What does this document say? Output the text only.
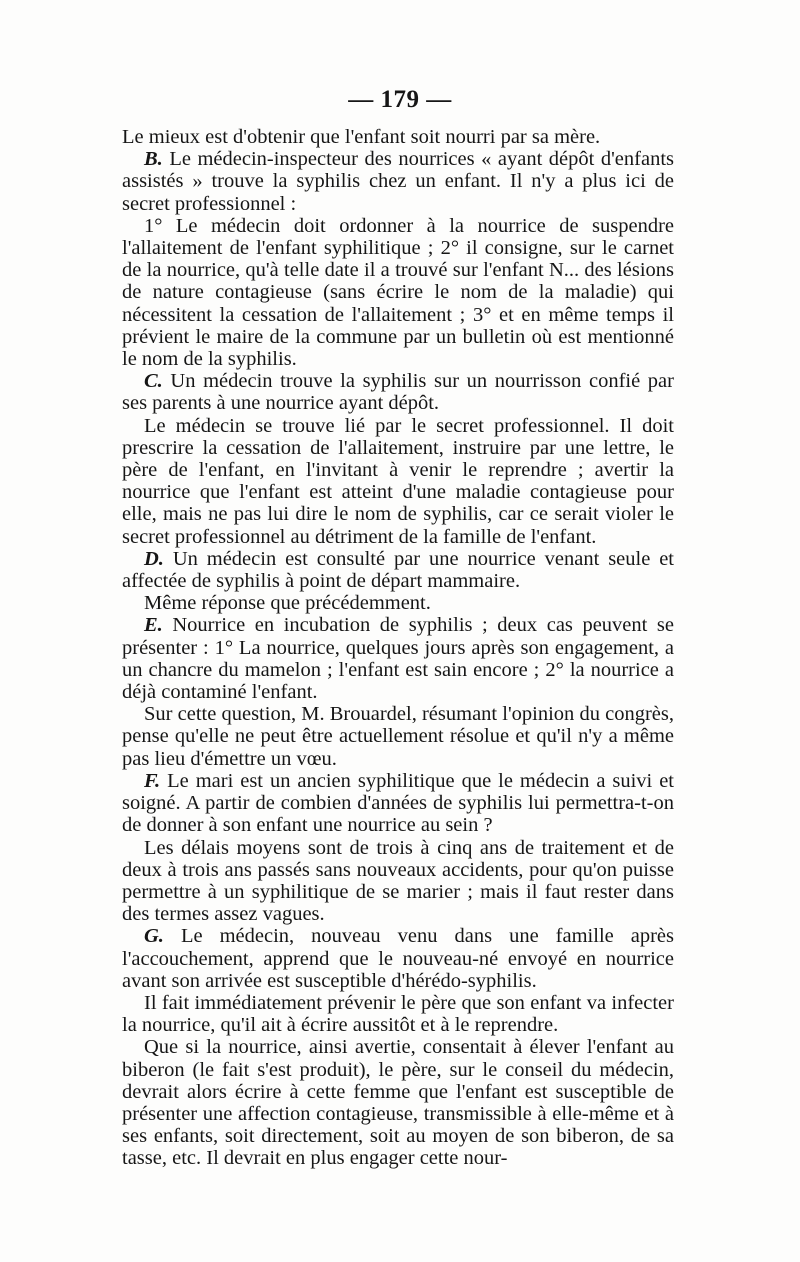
— 179 —

Le mieux est d'obtenir que l'enfant soit nourri par sa mère.

B. Le médecin-inspecteur des nourrices « ayant dépôt d'enfants assistés » trouve la syphilis chez un enfant. Il n'y a plus ici de secret professionnel :

1° Le médecin doit ordonner à la nourrice de suspendre l'allaitement de l'enfant syphilitique ; 2° il consigne, sur le carnet de la nourrice, qu'à telle date il a trouvé sur l'enfant N... des lésions de nature contagieuse (sans écrire le nom de la maladie) qui nécessitent la cessation de l'allaitement ; 3° et en même temps il prévient le maire de la commune par un bulletin où est mentionné le nom de la syphilis.

C. Un médecin trouve la syphilis sur un nourrisson confié par ses parents à une nourrice ayant dépôt.

Le médecin se trouve lié par le secret professionnel. Il doit prescrire la cessation de l'allaitement, instruire par une lettre, le père de l'enfant, en l'invitant à venir le reprendre ; avertir la nourrice que l'enfant est atteint d'une maladie contagieuse pour elle, mais ne pas lui dire le nom de syphilis, car ce serait violer le secret professionnel au détriment de la famille de l'enfant.

D. Un médecin est consulté par une nourrice venant seule et affectée de syphilis à point de départ mammaire.

Même réponse que précédemment.

E. Nourrice en incubation de syphilis ; deux cas peuvent se présenter : 1° La nourrice, quelques jours après son engagement, a un chancre du mamelon ; l'enfant est sain encore ; 2° la nourrice a déjà contaminé l'enfant.

Sur cette question, M. Brouardel, résumant l'opinion du congrès, pense qu'elle ne peut être actuellement résolue et qu'il n'y a même pas lieu d'émettre un vœu.

F. Le mari est un ancien syphilitique que le médecin a suivi et soigné. A partir de combien d'années de syphilis lui permettra-t-on de donner à son enfant une nourrice au sein ?

Les délais moyens sont de trois à cinq ans de traitement et de deux à trois ans passés sans nouveaux accidents, pour qu'on puisse permettre à un syphilitique de se marier ; mais il faut rester dans des termes assez vagues.

G. Le médecin, nouveau venu dans une famille après l'accouchement, apprend que le nouveau-né envoyé en nourrice avant son arrivée est susceptible d'hérédo-syphilis.

Il fait immédiatement prévenir le père que son enfant va infecter la nourrice, qu'il ait à écrire aussitôt et à le reprendre.

Que si la nourrice, ainsi avertie, consentait à élever l'enfant au biberon (le fait s'est produit), le père, sur le conseil du médecin, devrait alors écrire à cette femme que l'enfant est susceptible de présenter une affection contagieuse, transmissible à elle-même et à ses enfants, soit directement, soit au moyen de son biberon, de sa tasse, etc. Il devrait en plus engager cette nour-
